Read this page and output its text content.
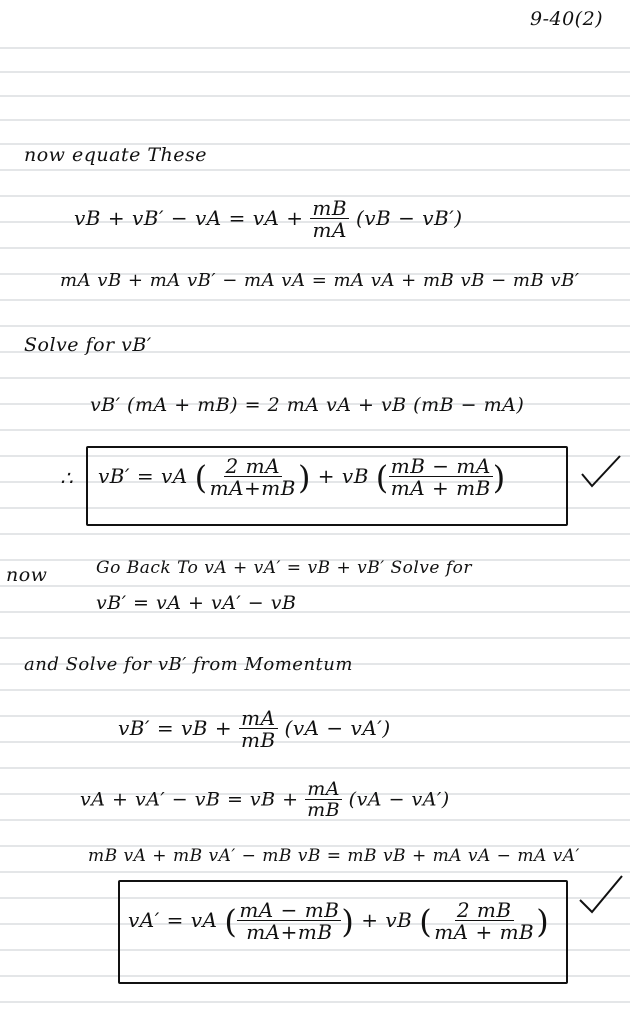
9-40(2)
now equate These
vB + vB′ − vA = vA + $\frac{mB}{mA} (vB - vB')$
mA vB + mA vB′ − mA vA = mA vA + mB vB − mB vB′
Solve for vB′
vB′ (mA + mB) = 2 mA vA + vB (mB − mA)
∴ vB′ = vA ( $\frac{2 mA}{mA+mB}$ ) + vB ( $\frac{mB - mA}{mA + mB}$ )
now	Go Back To vA + vA′ = vB + vB′ Solve for
vB′ = vA + vA′ − vB
and Solve for vB′ from Momentum
vB′ = vB + $\frac{mA}{mB} (vA - vA')$
vA + vA′ − vB = vB + $\frac{mA}{mB} (vA - vA')$
mB vA + mB vA′ − mB vB = mB vB + mA vA − mA vA′
vA′ = vA ( $\frac{mA - mB}{mA+mB}$ ) + vB ( $\frac{2 mB}{mA + mB}$ )
